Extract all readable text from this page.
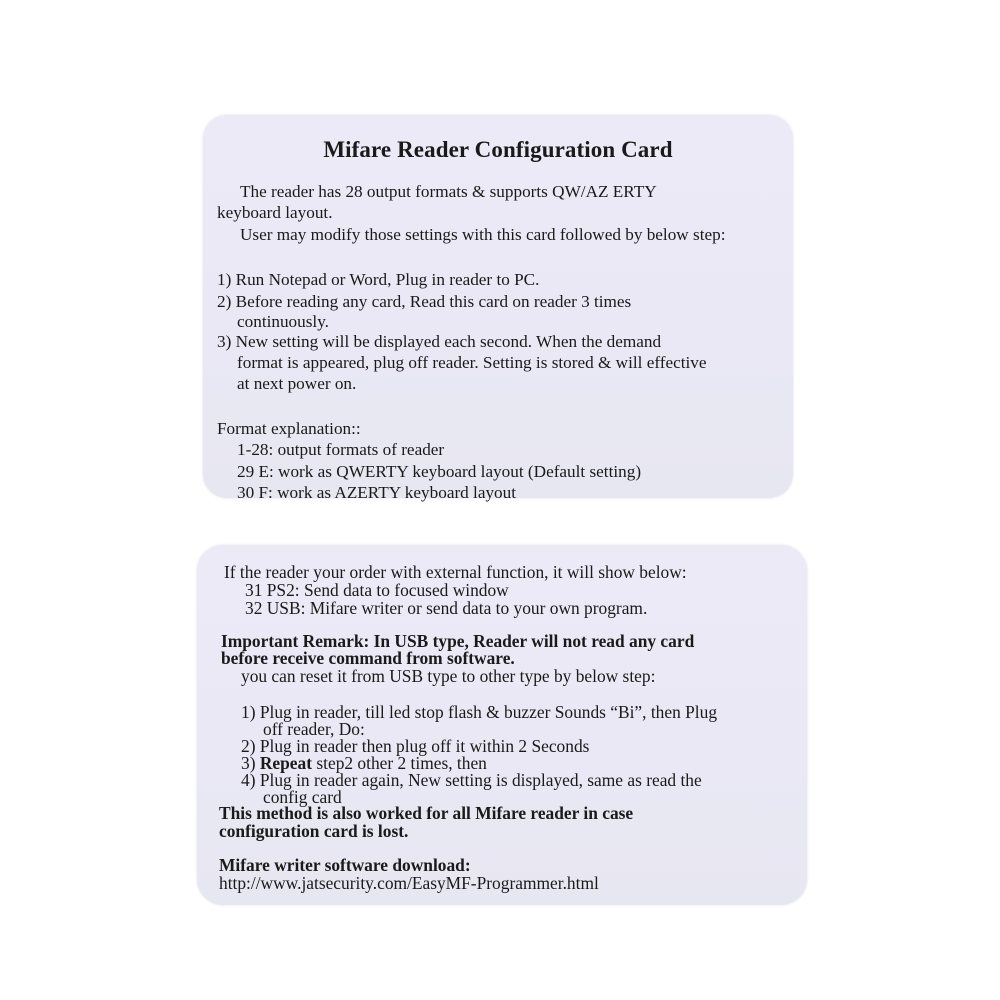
Mifare Reader Configuration Card
The reader has 28 output formats & supports QW/AZ ERTY
keyboard layout.
User may modify those settings with this card followed by below step:
1) Run Notepad or Word, Plug in reader to PC.
2) Before reading any card, Read this card on reader 3 times
continuously.
3) New setting will be displayed each second. When the demand
format is appeared, plug off reader. Setting is stored & will effective
at next power on.
Format explanation::
1-28: output formats of reader
29 E: work as QWERTY keyboard layout (Default setting)
30 F: work as AZERTY keyboard layout
If the reader your order with external function, it will show below:
31 PS2: Send data to focused window
32 USB: Mifare writer or send data to your own program.
Important Remark: In USB type, Reader will not read any card
before receive command from software.
you can reset it from USB type to other type by below step:
1) Plug in reader, till led stop flash & buzzer Sounds “Bi”, then Plug
off reader, Do:
2) Plug in reader then plug off it within 2 Seconds
3) Repeat step2 other 2 times, then
4) Plug in reader again, New setting is displayed, same as read the
config card
This method is also worked for all Mifare reader in case
configuration card is lost.
Mifare writer software download:
http://www.jatsecurity.com/EasyMF-Programmer.html
